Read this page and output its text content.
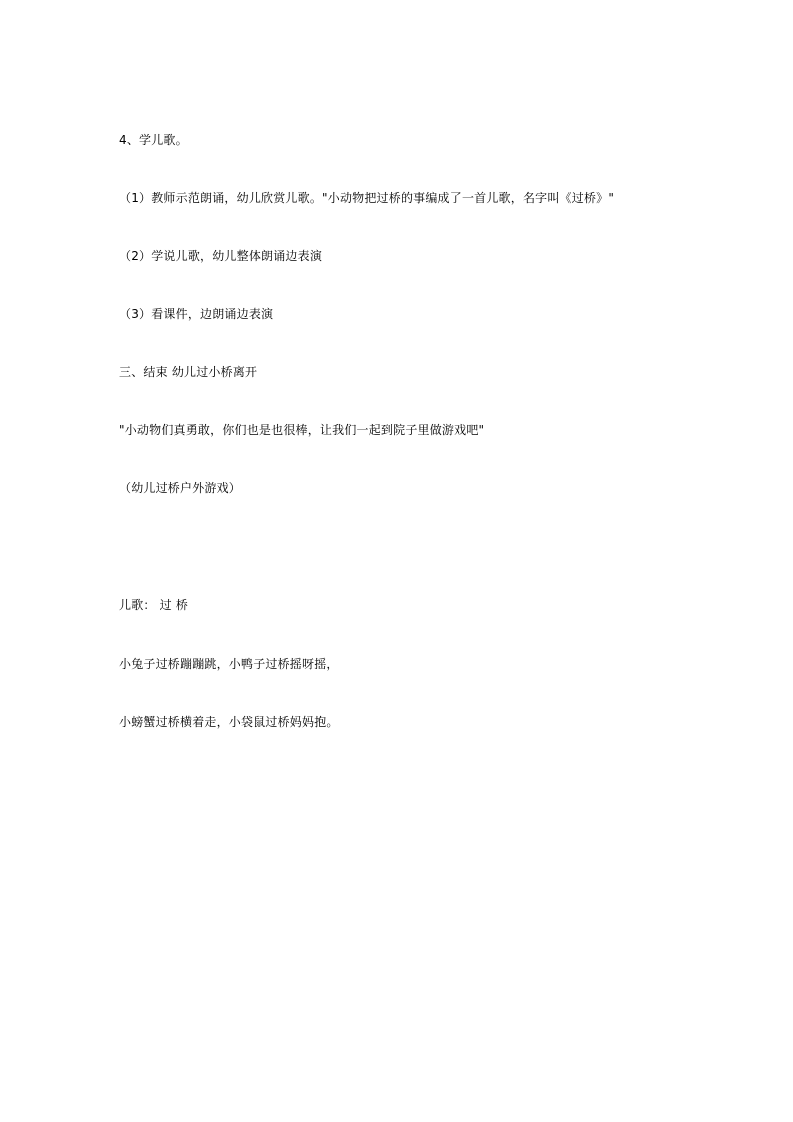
4、学儿歌。
（1）教师示范朗诵，幼儿欣赏儿歌。"小动物把过桥的事编成了一首儿歌，名字叫《过桥》"
（2）学说儿歌，幼儿整体朗诵边表演
（3）看课件，边朗诵边表演
三、结束 幼儿过小桥离开
"小动物们真勇敢，你们也是也很棒，让我们一起到院子里做游戏吧"
（幼儿过桥户外游戏）
儿歌： 过 桥
小兔子过桥蹦蹦跳，小鸭子过桥摇呀摇，
小螃蟹过桥横着走，小袋鼠过桥妈妈抱。
